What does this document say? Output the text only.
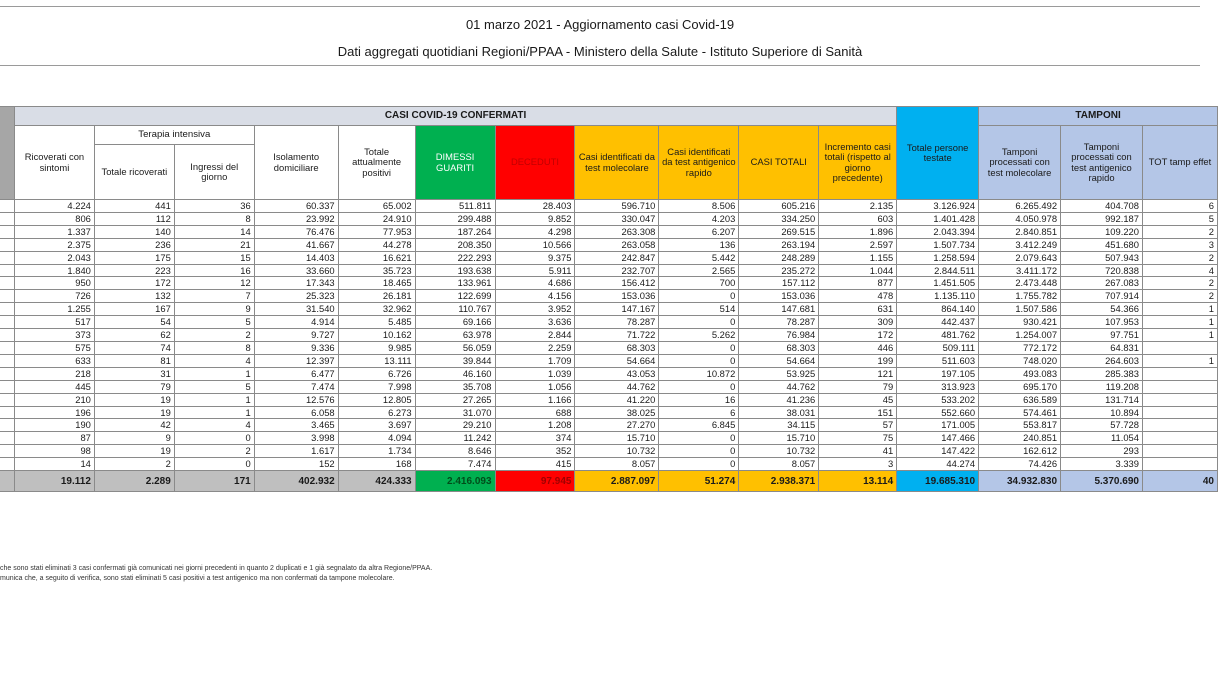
01 marzo 2021 - Aggiornamento casi Covid-19
Dati aggregati quotidiani Regioni/PPAA - Ministero della Salute - Istituto Superiore di Sanità
	CASI COVID-19 CONFERMATI											Totale persone testate	TAMPONI		
	Ricoverati con sintomi	Terapia intensiva		Isolamento domiciliare	Totale attualmente positivi	DIMESSI GUARITI	DECEDUTI	Casi identificati da test molecolare	Casi identificati da test antigenico rapido	CASI TOTALI	Incremento casi totali (rispetto al giorno precedente)		Tamponi processati con test molecolare	Tamponi processati con test antigenico rapido	TOT tamp effet
		Totale ricoverati	Ingressi del giorno												
	4.224	441	36	60.337	65.002	511.811	28.403	596.710	8.506	605.216	2.135	3.126.924	6.265.492	404.708	6
	806	112	8	23.992	24.910	299.488	9.852	330.047	4.203	334.250	603	1.401.428	4.050.978	992.187	5
	1.337	140	14	76.476	77.953	187.264	4.298	263.308	6.207	269.515	1.896	2.043.394	2.840.851	109.220	2
	2.375	236	21	41.667	44.278	208.350	10.566	263.058	136	263.194	2.597	1.507.734	3.412.249	451.680	3
	2.043	175	15	14.403	16.621	222.293	9.375	242.847	5.442	248.289	1.155	1.258.594	2.079.643	507.943	2
	1.840	223	16	33.660	35.723	193.638	5.911	232.707	2.565	235.272	1.044	2.844.511	3.411.172	720.838	4
	950	172	12	17.343	18.465	133.961	4.686	156.412	700	157.112	877	1.451.505	2.473.448	267.083	2
	726	132	7	25.323	26.181	122.699	4.156	153.036	0	153.036	478	1.135.110	1.755.782	707.914	2
	1.255	167	9	31.540	32.962	110.767	3.952	147.167	514	147.681	631	864.140	1.507.586	54.366	1
	517	54	5	4.914	5.485	69.166	3.636	78.287	0	78.287	309	442.437	930.421	107.953	1
	373	62	2	9.727	10.162	63.978	2.844	71.722	5.262	76.984	172	481.762	1.254.007	97.751	1
	575	74	8	9.336	9.985	56.059	2.259	68.303	0	68.303	446	509.111	772.172	64.831	
	633	81	4	12.397	13.111	39.844	1.709	54.664	0	54.664	199	511.603	748.020	264.603	1
	218	31	1	6.477	6.726	46.160	1.039	43.053	10.872	53.925	121	197.105	493.083	285.383	
	445	79	5	7.474	7.998	35.708	1.056	44.762	0	44.762	79	313.923	695.170	119.208	
	210	19	1	12.576	12.805	27.265	1.166	41.220	16	41.236	45	533.202	636.589	131.714	
	196	19	1	6.058	6.273	31.070	688	38.025	6	38.031	151	552.660	574.461	10.894	
	190	42	4	3.465	3.697	29.210	1.208	27.270	6.845	34.115	57	171.005	553.817	57.728	
	87	9	0	3.998	4.094	11.242	374	15.710	0	15.710	75	147.466	240.851	11.054	
	98	19	2	1.617	1.734	8.646	352	10.732	0	10.732	41	147.422	162.612	293	
	14	2	0	152	168	7.474	415	8.057	0	8.057	3	44.274	74.426	3.339	
	19.112	2.289	171	402.932	424.333	2.416.093	97.945	2.887.097	51.274	2.938.371	13.114	19.685.310	34.932.830	5.370.690	40
che sono stati eliminati 3 casi confermati già comunicati nei giorni precedenti in quanto 2 duplicati e 1 già segnalato da altra Regione/PPAA.
munica che, a seguito di verifica, sono stati eliminati 5 casi positivi a test antigenico ma non confermati da tampone molecolare.
